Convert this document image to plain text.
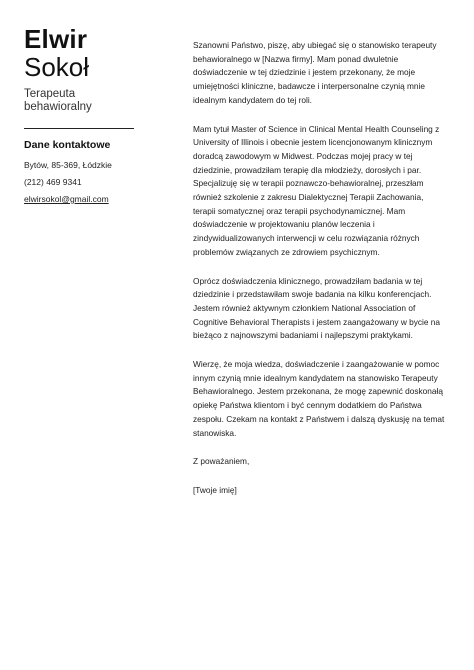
Elwir
Sokoł
Terapeuta behawioralny
Dane kontaktowe
Bytów, 85-369, Łódzkie
(212) 469 9341
elwirsokol@gmail.com

Szanowni Państwo, piszę, aby ubiegać się o stanowisko terapeuty behawioralnego w [Nazwa firmy]. Mam ponad dwuletnie doświadczenie w tej dziedzinie i jestem przekonany, że moje umiejętności kliniczne, badawcze i interpersonalne czynią mnie idealnym kandydatem do tej roli.

Mam tytuł Master of Science in Clinical Mental Health Counseling z University of Illinois i obecnie jestem licencjonowanym klinicznym doradcą zawodowym w Midwest. Podczas mojej pracy w tej dziedzinie, prowadziłam terapię dla młodzieży, dorosłych i par. Specjalizuję się w terapii poznawczo-behawioralnej, przeszłam również szkolenie z zakresu Dialektycznej Terapii Zachowania, terapii somatycznej oraz terapii psychodynamicznej. Mam doświadczenie w projektowaniu planów leczenia i zindywidualizowanych interwencji w celu rozwiązania różnych problemów związanych ze zdrowiem psychicznym.

Oprócz doświadczenia klinicznego, prowadziłam badania w tej dziedzinie i przedstawiłam swoje badania na kilku konferencjach. Jestem również aktywnym członkiem National Association of Cognitive Behavioral Therapists i jestem zaangażowany w bycie na bieżąco z najnowszymi badaniami i najlepszymi praktykami.

Wierzę, że moja wiedza, doświadczenie i zaangażowanie w pomoc innym czynią mnie idealnym kandydatem na stanowisko Terapeuty Behawioralnego. Jestem przekonana, że mogę zapewnić doskonałą opiekę Państwa klientom i być cennym dodatkiem do Państwa zespołu. Czekam na kontakt z Państwem i dalszą dyskusję na temat stanowiska.

Z poważaniem,

[Twoje imię]
